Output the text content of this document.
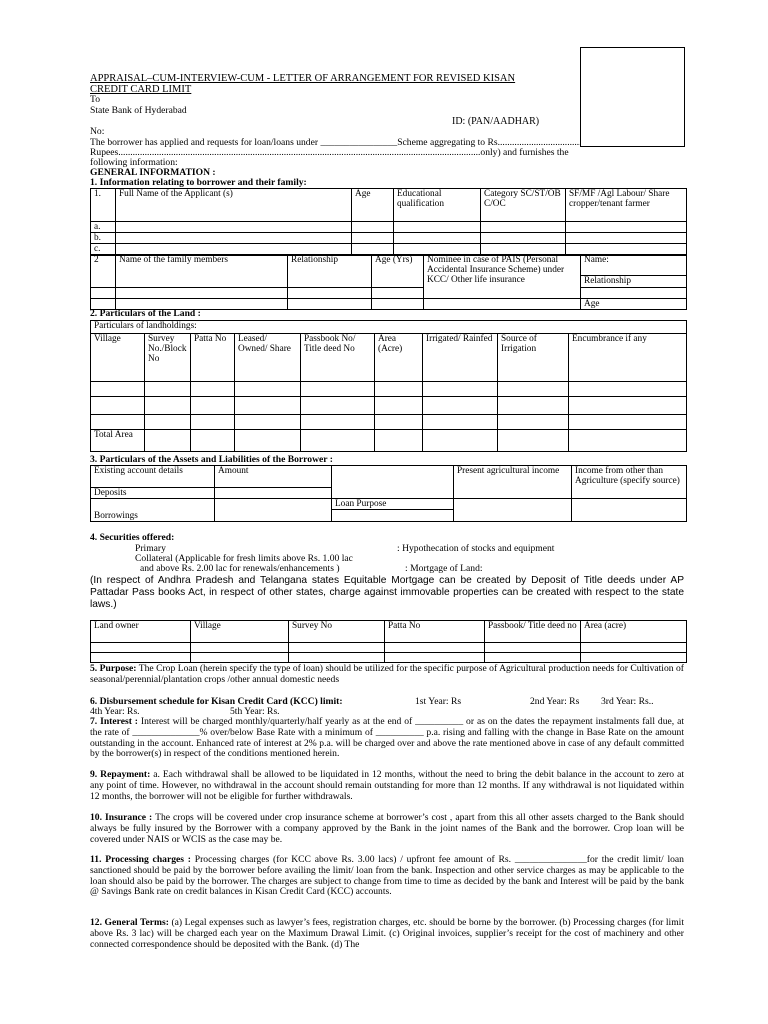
APPRAISAL–CUM-INTERVIEW-CUM - LETTER OF ARRANGEMENT FOR REVISED KISAN
CREDIT CARD LIMIT
To
State Bank of Hyderabad
ID: (PAN/AADHAR)
No:
The borrower has applied and requests for loan/loans under ________________Scheme aggregating to Rs...................................
Rupees.......................................................................................................................................................only) and furnishes the
following information:
GENERAL INFORMATION :
1. Information relating to borrower and their family:
1.	Full Name of the Applicant (s)	Age	Educational qualification	Category SC/ST/OB C/OC	SF/MF /Agl Labour/ Share cropper/tenant farmer
a.					
b.					
c.					
2	Name of the family members	Relationship	Age (Yrs)	Nominee in case of PAIS (Personal Accidental Insurance Scheme) under KCC/ Other life insurance	Name:
					Relationship

					Age
2. Particulars of the Land :
Particulars of landholdings:								
Village	Survey No./Block No	Patta No	Leased/ Owned/ Share	Passbook No/ Title deed No	Area (Acre)	Irrigated/ Rainfed	Source of Irrigation	Encumbrance if any

Total Area								
3. Particulars of the Assets and Liabilities of the Borrower :
Existing account details	Amount		Present agricultural income	Income from other than Agriculture (specify source)
Deposits				
Borrowings		Loan Purpose		

4. Securities offered:
Primary	: Hypothecation of stocks and equipment
Collateral (Applicable for fresh limits above Rs. 1.00 lac
and above Rs. 2.00 lac for renewals/enhancements )	: Mortgage of Land:
(In respect of Andhra Pradesh and Telangana states Equitable Mortgage can be created by Deposit of Title deeds under AP Pattadar Pass books Act, in respect of other states, charge against immovable properties can be created with respect to the state laws.)
Land owner	Village	Survey No	Patta No	Passbook/ Title deed no	Area (acre)

5. Purpose: The Crop Loan (herein specify the type of loan) should be utilized for the specific purpose of Agricultural production needs for Cultivation of seasonal/perennial/plantation crops /other annual domestic needs
6. Disbursement schedule for Kisan Credit Card (KCC) limit:	1st Year: Rs	2nd Year: Rs 3rd Year: Rs..
4th Year: Rs.	5th Year: Rs.
7. Interest : Interest will be charged monthly/quarterly/half yearly as at the end of __________ or as on the dates the repayment instalments fall due, at the rate of ______________% over/below Base Rate with a minimum of __________ p.a. rising and falling with the change in Base Rate on the amount outstanding in the account. Enhanced rate of interest at 2% p.a. will be charged over and above the rate mentioned above in case of any default committed by the borrower(s) in respect of the conditions mentioned herein.
9. Repayment: a. Each withdrawal shall be allowed to be liquidated in 12 months, without the need to bring the debit balance in the account to zero at any point of time. However, no withdrawal in the account should remain outstanding for more than 12 months. If any withdrawal is not liquidated within 12 months, the borrower will not be eligible for further withdrawals.
10. Insurance : The crops will be covered under crop insurance scheme at borrower’s cost , apart from this all other assets charged to the Bank should always be fully insured by the Borrower with a company approved by the Bank in the joint names of the Bank and the borrower. Crop loan will be covered under NAIS or WCIS as the case may be.
11. Processing charges : Processing charges (for KCC above Rs. 3.00 lacs) / upfront fee amount of Rs. _______________for the credit limit/ loan sanctioned should be paid by the borrower before availing the limit/ loan from the bank. Inspection and other service charges as may be applicable to the loan should also be paid by the borrower. The charges are subject to change from time to time as decided by the bank and Interest will be paid by the bank @ Savings Bank rate on credit balances in Kisan Credit Card (KCC) accounts.
12. General Terms: (a) Legal expenses such as lawyer’s fees, registration charges, etc. should be borne by the borrower. (b) Processing charges (for limit above Rs. 3 lac) will be charged each year on the Maximum Drawal Limit. (c) Original invoices, supplier’s receipt for the cost of machinery and other connected correspondence should be deposited with the Bank. (d) The
